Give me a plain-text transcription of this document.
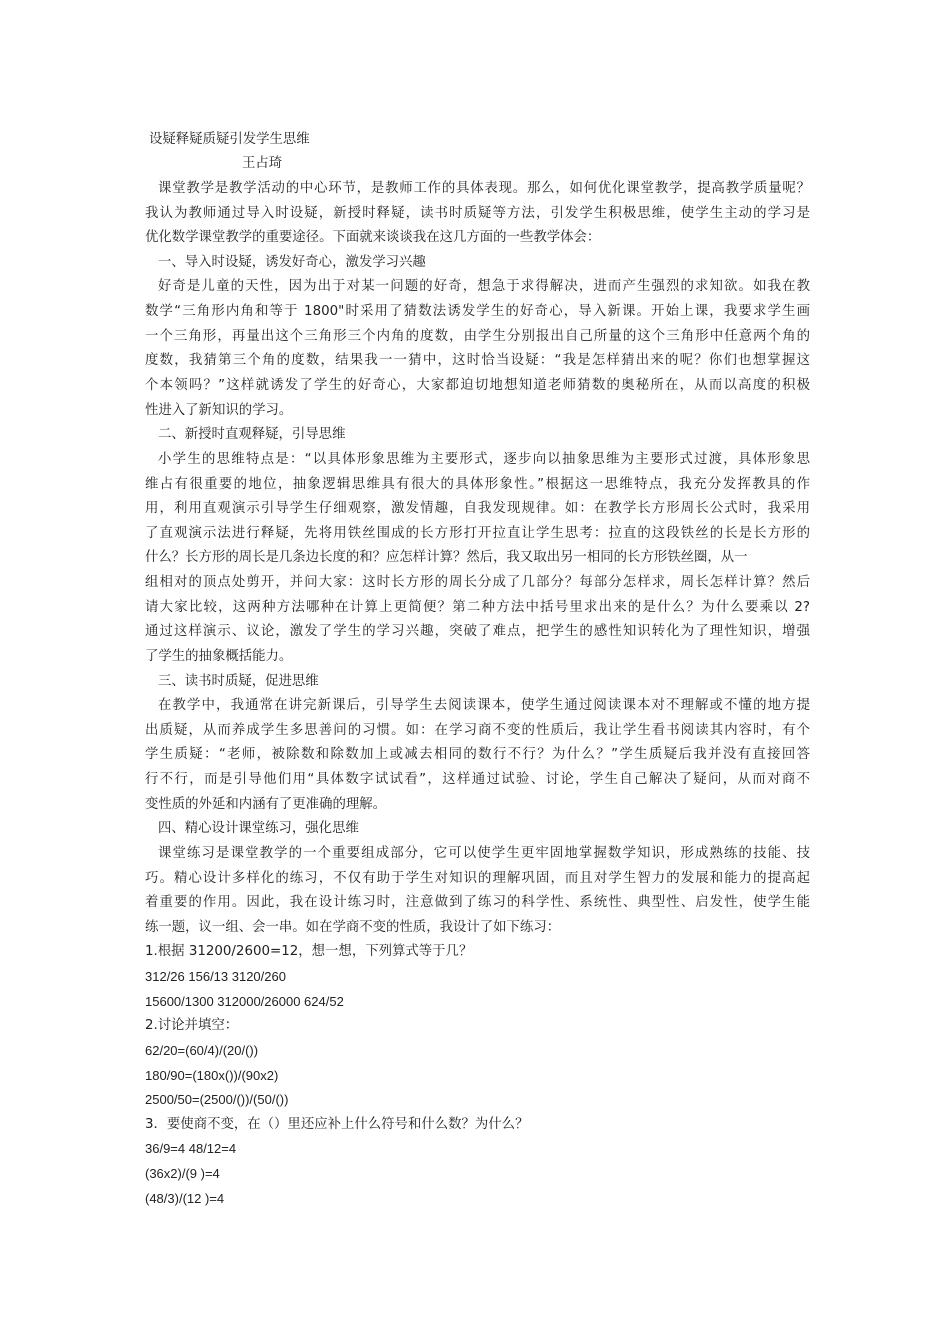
设疑释疑质疑引发学生思维
王占琦
课堂教学是教学活动的中心环节，是教师工作的具体表现。那么，如何优化课堂教学，提高教学质量呢？
我认为教师通过导入时设疑，新授时释疑，读书时质疑等方法，引发学生积极思维，使学生主动的学习是
优化数学课堂教学的重要途径。下面就来谈谈我在这几方面的一些教学体会：
一、导入时设疑，诱发好奇心，激发学习兴趣
好奇是儿童的天性，因为出于对某一问题的好奇，想急于求得解决，进而产生强烈的求知欲。如我在教
数学“三角形内角和等于 1800"时采用了猜数法诱发学生的好奇心，导入新课。开始上课，我要求学生画
一个三角形，再量出这个三角形三个内角的度数，由学生分别报出自己所量的这个三角形中任意两个角的
度数，我猜第三个角的度数，结果我一一猜中，这时恰当设疑：“我是怎样猜出来的呢？你们也想掌握这
个本领吗？”这样就诱发了学生的好奇心，大家都迫切地想知道老师猜数的奥秘所在，从而以高度的积极
性进入了新知识的学习。
二、新授时直观释疑，引导思维
小学生的思维特点是：“以具体形象思维为主要形式，逐步向以抽象思维为主要形式过渡，具体形象思
维占有很重要的地位，抽象逻辑思维具有很大的具体形象性。”根据这一思维特点，我充分发挥教具的作
用，利用直观演示引导学生仔细观察，激发情趣，自我发现规律。如：在教学长方形周长公式时，我采用
了直观演示法进行释疑，先将用铁丝围成的长方形打开拉直让学生思考：拉直的这段铁丝的长是长方形的
什么？长方形的周长是几条边长度的和？应怎样计算？然后，我又取出另一相同的长方形铁丝圈，从一
组相对的顶点处剪开，并问大家：这时长方形的周长分成了几部分？每部分怎样求，周长怎样计算？然后
请大家比较，这两种方法哪种在计算上更简便？第二种方法中括号里求出来的是什么？为什么要乘以 2?
通过这样演示、议论，激发了学生的学习兴趣，突破了难点，把学生的感性知识转化为了理性知识，增强
了学生的抽象概括能力。
三、读书时质疑，促进思维
在教学中，我通常在讲完新课后，引导学生去阅读课本，使学生通过阅读课本对不理解或不懂的地方提
出质疑，从而养成学生多思善问的习惯。如：在学习商不变的性质后，我让学生看书阅读其内容时，有个
学生质疑：“老师，被除数和除数加上或减去相同的数行不行？为什么？”学生质疑后我并没有直接回答
行不行，而是引导他们用“具体数字试试看”，这样通过试验、讨论，学生自己解决了疑问，从而对商不
变性质的外延和内涵有了更准确的理解。
四、精心设计课堂练习，强化思维
课堂练习是课堂教学的一个重要组成部分，它可以使学生更牢固地掌握数学知识，形成熟练的技能、技
巧。精心设计多样化的练习，不仅有助于学生对知识的理解巩固，而且对学生智力的发展和能力的提高起
着重要的作用。因此，我在设计练习时，注意做到了练习的科学性、系统性、典型性、启发性，使学生能
练一题，议一组、会一串。如在学商不变的性质，我设计了如下练习：
1.根据 31200/2600=12，想一想，下列算式等于几？
312/26 156/13 3120/260
15600/1300 312000/26000 624/52
2.讨论并填空：
62/20=(60/4)/(20/())
180/90=(180x())/(90x2)
2500/50=(2500/())/(50/())
3．要使商不变，在（）里还应补上什么符号和什么数？为什么？
36/9=4 48/12=4
(36x2)/(9 )=4
(48/3)/(12 )=4
